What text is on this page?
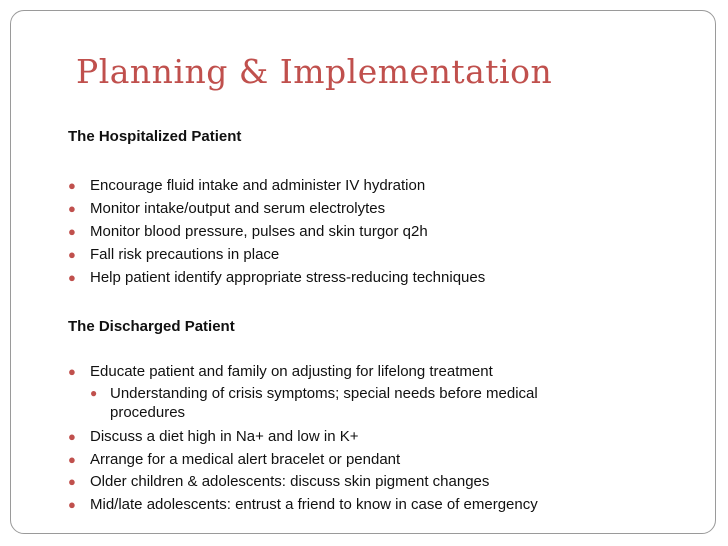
Planning & Implementation
The Hospitalized Patient
● Encourage fluid intake and administer IV hydration
● Monitor intake/output and serum electrolytes
● Monitor blood pressure, pulses and skin turgor q2h
● Fall risk precautions in place
● Help patient identify appropriate stress-reducing techniques
The Discharged Patient
● Educate patient and family on adjusting for lifelong treatment
● Understanding of crisis symptoms; special needs before medical
procedures
● Discuss a diet high in Na+ and low in K+
● Arrange for a medical alert bracelet or pendant
● Older children & adolescents: discuss skin pigment changes
● Mid/late adolescents: entrust a friend to know in case of emergency
